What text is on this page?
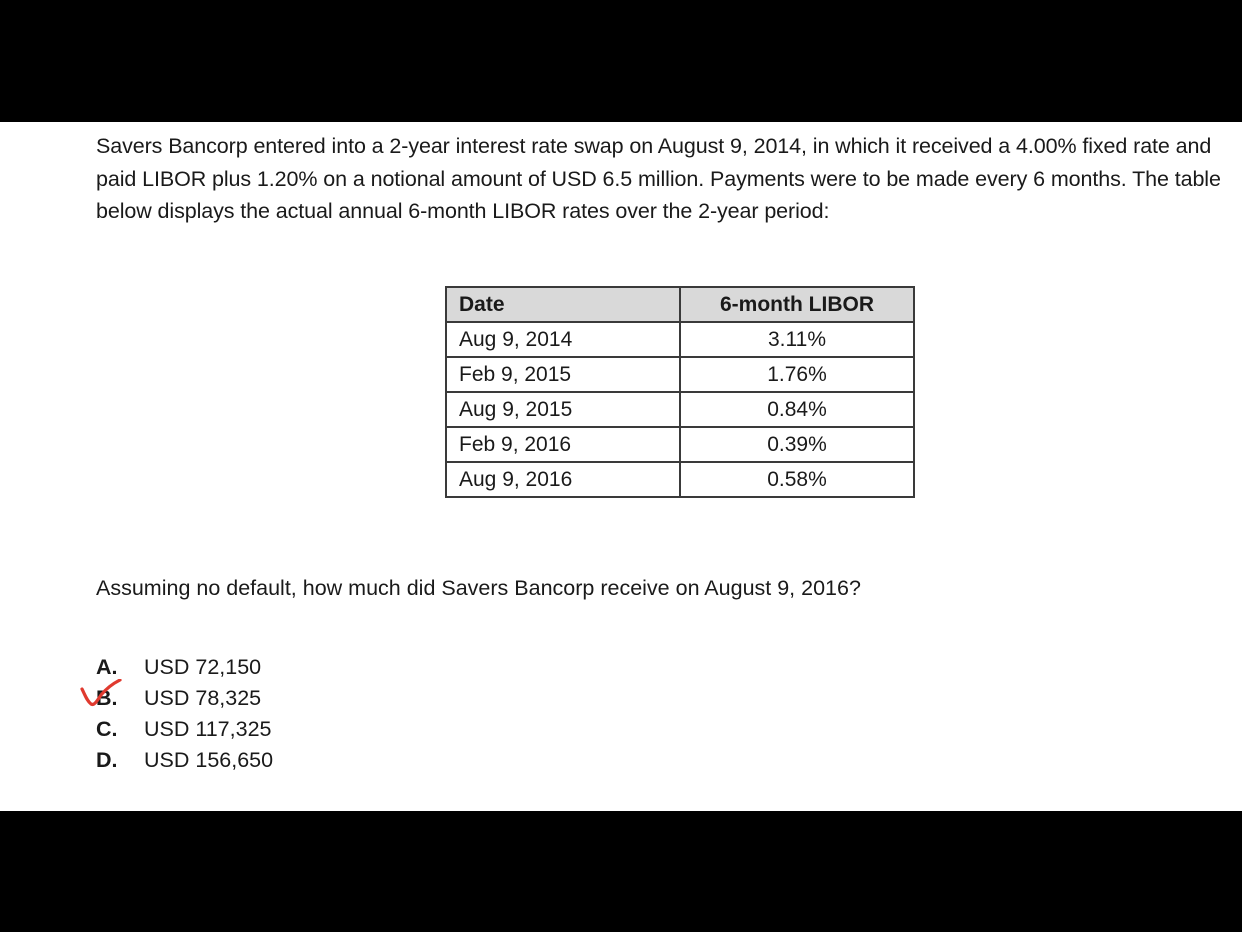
Savers Bancorp entered into a 2-year interest rate swap on August 9, 2014, in which it received a 4.00% fixed rate and paid LIBOR plus 1.20% on a notional amount of USD 6.5 million. Payments were to be made every 6 months. The table below displays the actual annual 6-month LIBOR rates over the 2-year period:

Date	6-month LIBOR
Aug 9, 2014	3.11%
Feb 9, 2015	1.76%
Aug 9, 2015	0.84%
Feb 9, 2016	0.39%
Aug 9, 2016	0.58%

Assuming no default, how much did Savers Bancorp receive on August 9, 2016?

A. USD 72,150
B. USD 78,325
C. USD 117,325
D. USD 156,650
